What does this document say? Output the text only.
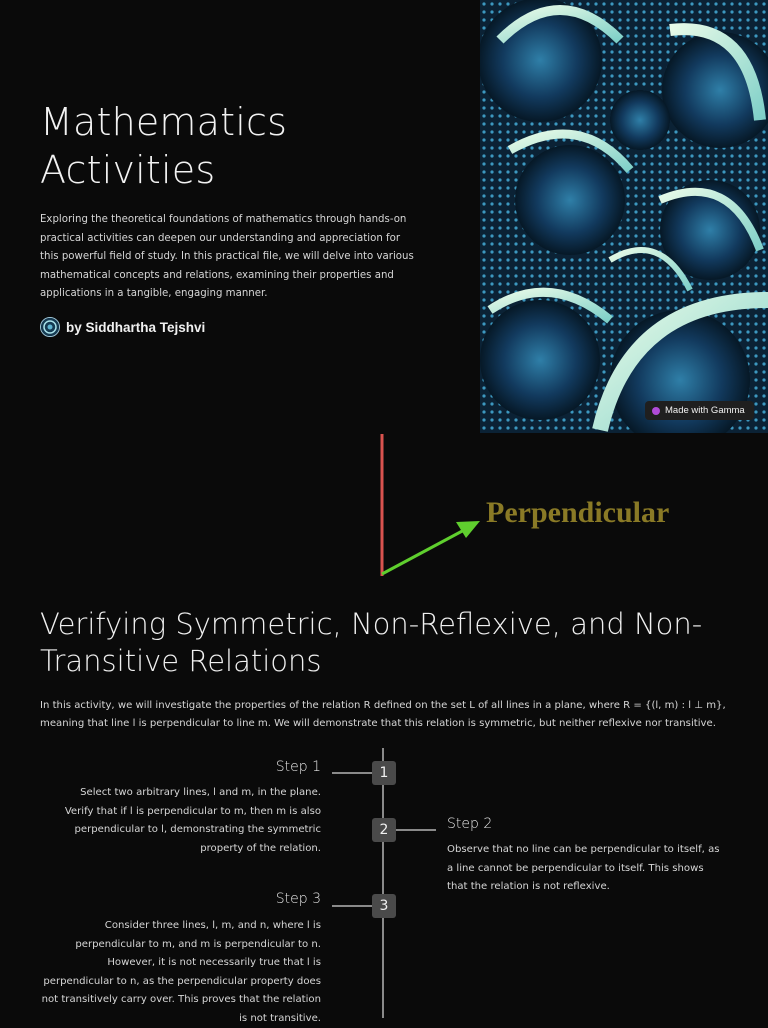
Mathematics
Activities
Exploring the theoretical foundations of mathematics through hands-on practical activities can deepen our understanding and appreciation for this powerful field of study. In this practical file, we will delve into various mathematical concepts and relations, examining their properties and applications in a tangible, engaging manner.
by Siddhartha Tejshvi
Made with Gamma
Perpendicular
Verifying Symmetric, Non-Reflexive, and Non-Transitive Relations
In this activity, we will investigate the properties of the relation R defined on the set L of all lines in a plane, where R = {(l, m) : l ⊥ m}, meaning that line l is perpendicular to line m. We will demonstrate that this relation is symmetric, but neither reflexive nor transitive.
1
Step 1
Select two arbitrary lines, l and m, in the plane. Verify that if l is perpendicular to m, then m is also perpendicular to l, demonstrating the symmetric property of the relation.
2	Step 2
Observe that no line can be perpendicular to itself, as a line cannot be perpendicular to itself. This shows that the relation is not reflexive.
3
Step 3
Consider three lines, l, m, and n, where l is perpendicular to m, and m is perpendicular to n. However, it is not necessarily true that l is perpendicular to n, as the perpendicular property does not transitively carry over. This proves that the relation is not transitive.
